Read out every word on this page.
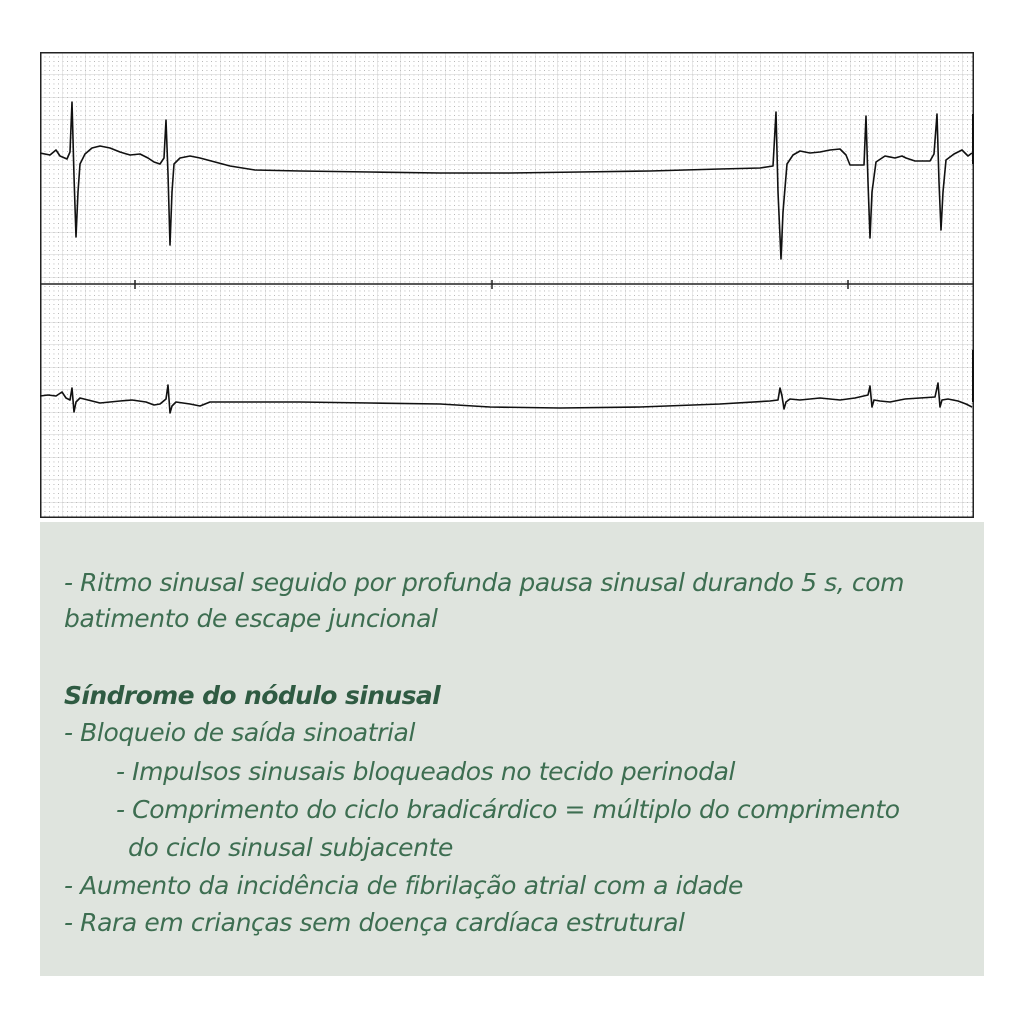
- Ritmo sinusal seguido por profunda pausa sinusal durando 5 s, com

batimento de escape juncional

Síndrome do nódulo sinusal

- Bloqueio de saída sinoatrial

- Impulsos sinusais bloqueados no tecido perinodal

- Comprimento do ciclo bradicárdico = múltiplo do comprimento

do ciclo sinusal subjacente

- Aumento da incidência de fibrilação atrial com a idade

- Rara em crianças sem doença cardíaca estrutural
